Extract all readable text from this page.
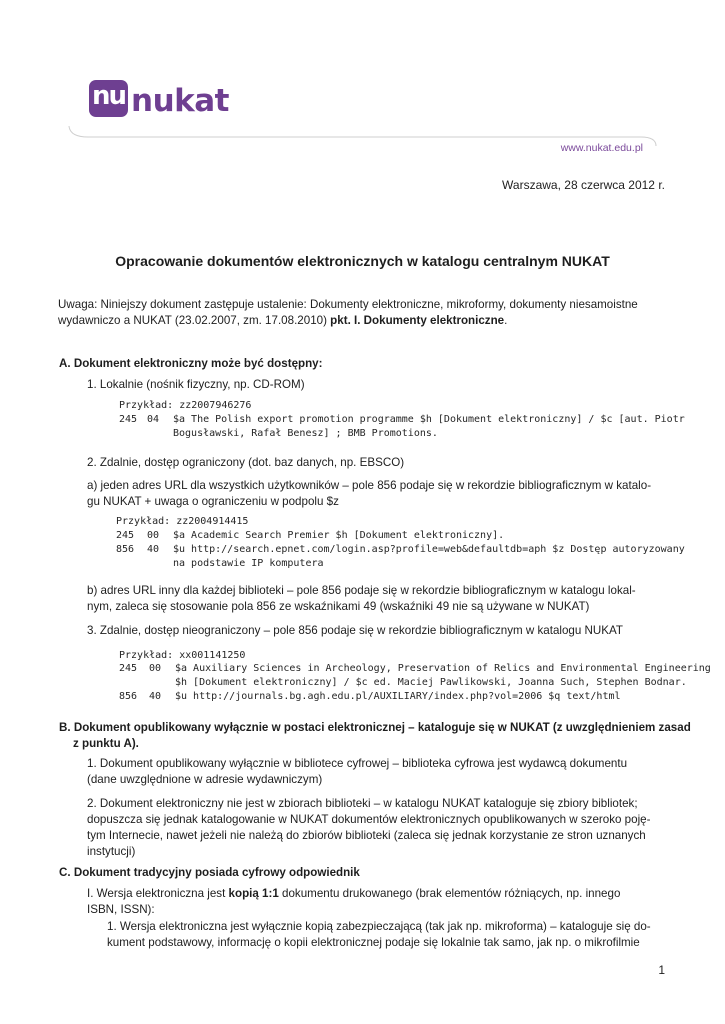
nu nukat
www.nukat.edu.pl
Warszawa, 28 czerwca 2012 r.
Opracowanie dokumentów elektronicznych w katalogu centralnym NUKAT
Uwaga: Niniejszy dokument zastępuje ustalenie: Dokumenty elektroniczne, mikroformy, dokumenty niesamoistne
wydawniczo a NUKAT (23.02.2007, zm. 17.08.2010) pkt. I. Dokumenty elektroniczne.
A. Dokument elektroniczny może być dostępny:
1. Lokalnie (nośnik fizyczny, np. CD-ROM)
Przykład: zz2007946276
245 04 $a The Polish export promotion programme $h [Dokument elektroniczny] / $c [aut. Piotr
Bogusławski, Rafał Benesz] ; BMB Promotions.
2. Zdalnie, dostęp ograniczony (dot. baz danych, np. EBSCO)
a) jeden adres URL dla wszystkich użytkowników – pole 856 podaje się w rekordzie bibliograficznym w katalo-
gu NUKAT + uwaga o ograniczeniu w podpolu $z
Przykład: zz2004914415
245 00 $a Academic Search Premier $h [Dokument elektroniczny].
856 40 $u http://search.epnet.com/login.asp?profile=web&defaultdb=aph $z Dostęp autoryzowany
na podstawie IP komputera
b) adres URL inny dla każdej biblioteki – pole 856 podaje się w rekordzie bibliograficznym w katalogu lokal-
nym, zaleca się stosowanie pola 856 ze wskaźnikami 49 (wskaźniki 49 nie są używane w NUKAT)
3. Zdalnie, dostęp nieograniczony – pole 856 podaje się w rekordzie bibliograficznym w katalogu NUKAT
Przykład: xx001141250
245 00 $a Auxiliary Sciences in Archeology, Preservation of Relics and Environmental Engineering
$h [Dokument elektroniczny] / $c ed. Maciej Pawlikowski, Joanna Such, Stephen Bodnar.
856 40 $u http://journals.bg.agh.edu.pl/AUXILIARY/index.php?vol=2006 $q text/html
B. Dokument opublikowany wyłącznie w postaci elektronicznej – kataloguje się w NUKAT (z uwzględnieniem zasad
z punktu A).
1. Dokument opublikowany wyłącznie w bibliotece cyfrowej – biblioteka cyfrowa jest wydawcą dokumentu
(dane uwzględnione w adresie wydawniczym)
2. Dokument elektroniczny nie jest w zbiorach biblioteki – w katalogu NUKAT kataloguje się zbiory bibliotek;
dopuszcza się jednak katalogowanie w NUKAT dokumentów elektronicznych opublikowanych w szeroko poję-
tym Internecie, nawet jeżeli nie należą do zbiorów biblioteki (zaleca się jednak korzystanie ze stron uznanych
instytucji)
C. Dokument tradycyjny posiada cyfrowy odpowiednik
I. Wersja elektroniczna jest kopią 1:1 dokumentu drukowanego (brak elementów różniących, np. innego
ISBN, ISSN):
1. Wersja elektroniczna jest wyłącznie kopią zabezpieczającą (tak jak np. mikroforma) – kataloguje się do-
kument podstawowy, informację o kopii elektronicznej podaje się lokalnie tak samo, jak np. o mikrofilmie
1
